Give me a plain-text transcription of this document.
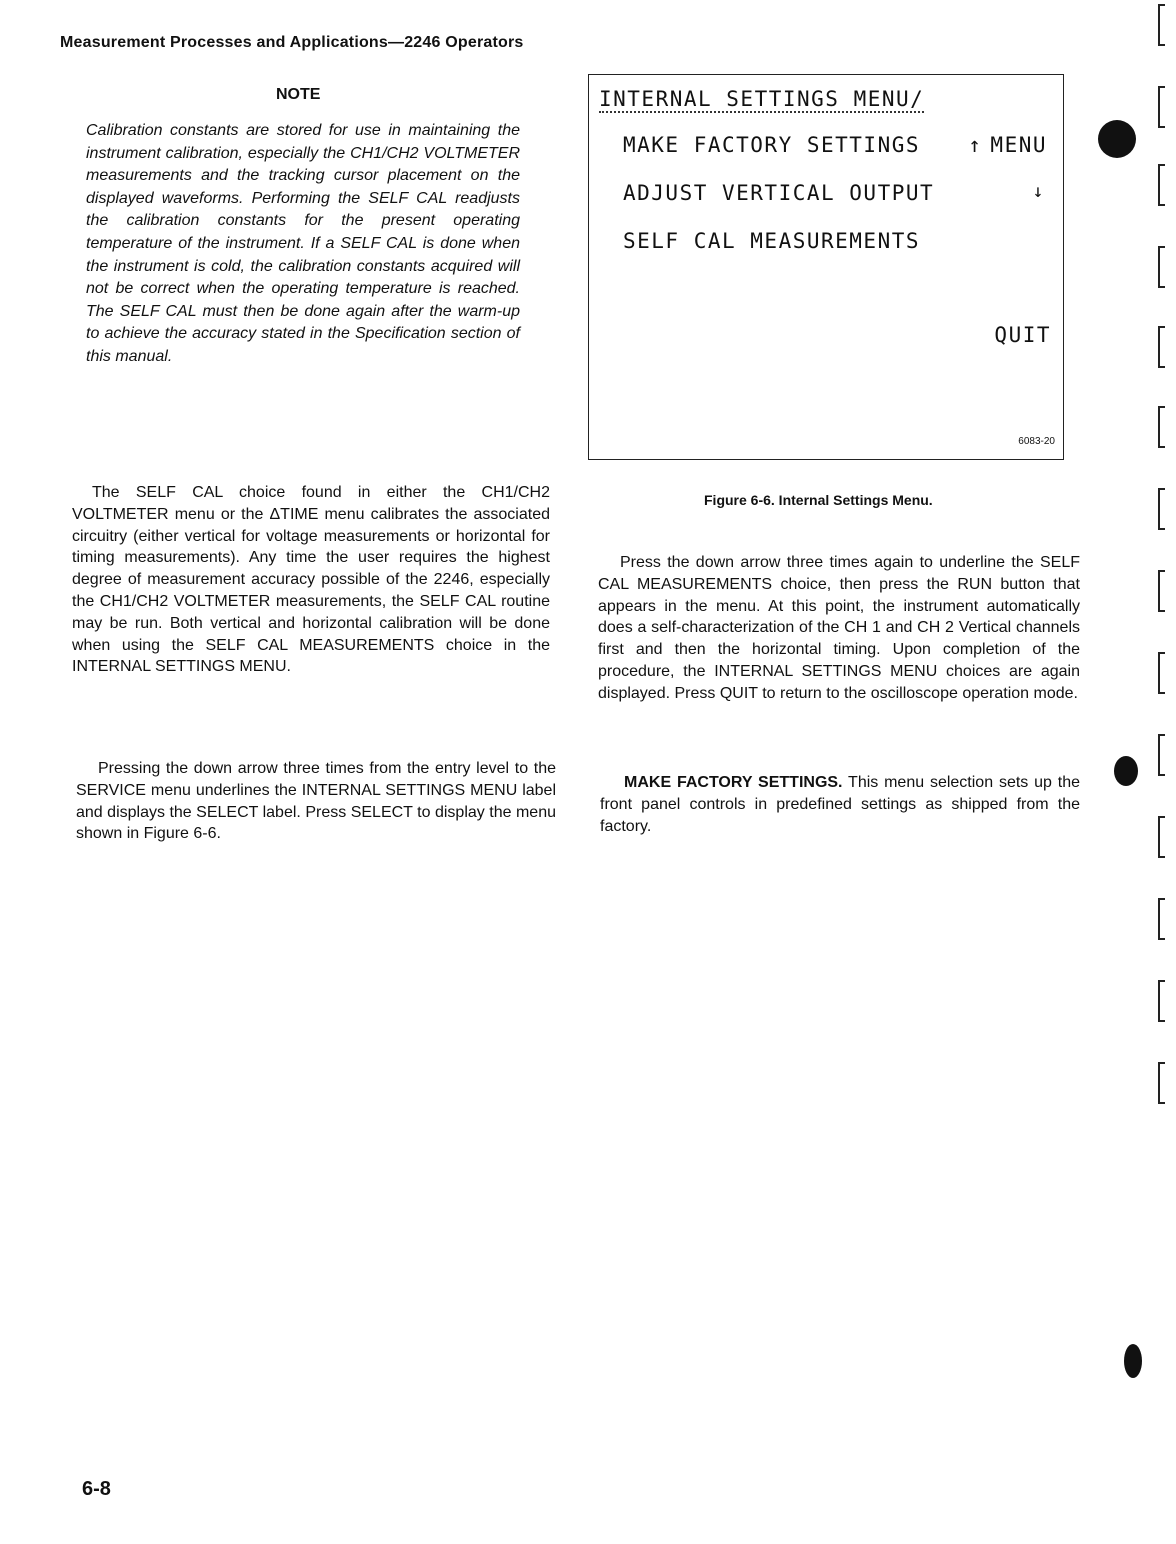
Measurement Processes and Applications—2246 Operators
NOTE
Calibration constants are stored for use in maintaining the instrument calibration, especially the CH1/CH2 VOLTMETER measurements and the tracking cursor placement on the displayed waveforms. Performing the SELF CAL readjusts the calibration constants for the present operating temperature of the instrument. If a SELF CAL is done when the instrument is cold, the calibration constants acquired will not be correct when the operating temperature is reached. The SELF CAL must then be done again after the warm-up to achieve the accuracy stated in the Specification section of this manual.
The SELF CAL choice found in either the CH1/CH2 VOLTMETER menu or the ΔTIME menu calibrates the associated circuitry (either vertical for voltage measurements or horizontal for timing measurements). Any time the user requires the highest degree of measurement accuracy possible of the 2246, especially the CH1/CH2 VOLTMETER measurements, the SELF CAL routine may be run. Both vertical and horizontal calibration will be done when using the SELF CAL MEASUREMENTS choice in the INTERNAL SETTINGS MENU.
Pressing the down arrow three times from the entry level to the SERVICE menu underlines the INTERNAL SETTINGS MENU label and displays the SELECT label. Press SELECT to display the menu shown in Figure 6-6.
INTERNAL SETTINGS MENU/
MAKE FACTORY SETTINGS
ADJUST VERTICAL OUTPUT
SELF CAL MEASUREMENTS
↑ MENU
↓
QUIT
6083-20
Figure 6-6. Internal Settings Menu.
Press the down arrow three times again to underline the SELF CAL MEASUREMENTS choice, then press the RUN button that appears in the menu. At this point, the instrument automatically does a self-characterization of the CH 1 and CH 2 Vertical channels first and then the horizontal timing. Upon completion of the procedure, the INTERNAL SETTINGS MENU choices are again displayed. Press QUIT to return to the oscilloscope operation mode.
MAKE FACTORY SETTINGS. This menu selection sets up the front panel controls in predefined settings as shipped from the factory.
6-8
